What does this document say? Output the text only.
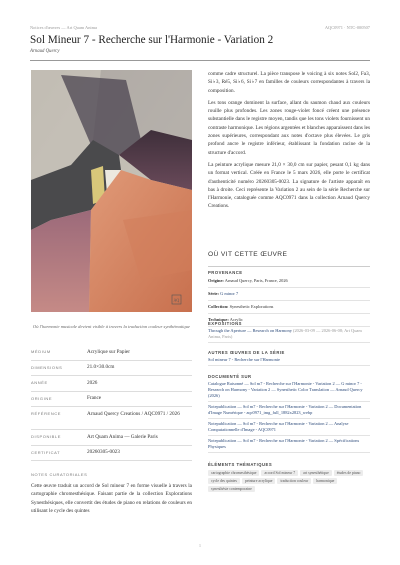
Notices d'œuvres — Art Quam Anima	AQC0971 · NTC-000507
Sol Mineur 7 - Recherche sur l'Harmonie - Variation 2
Arnaud Quercy
AQ
Où l'harmonie musicale devient visible à travers la traduction couleur synthématique
MÉDIUM	Acrylique sur Papier
DIMENSIONS	21.0×30.0cm
ANNÉE	2026
ORIGINE	France
RÉFÉRENCE	Arnaud Quercy Creations / AQC0971 / 2026
DISPONIBLE	Art Quam Anima — Galerie Paris
CERTIFICAT	20260305-0023
NOTES CURATORIALES
Cette œuvre traduit un accord de Sol mineur 7 en forme visuelle à travers la cartographie chromesthésique. Faisant partie de la collection Explorations Synesthésiques, elle convertit des études de piano en relations de couleurs en utilisant le cycle des quintes

comme cadre structurel. La pièce transpose le voicing à six notes Sol2, Fa3, Si♭3, Ré5, Si♭6, Si♭7 en familles de couleurs correspondantes à travers la composition.

Les tons orange dominent la surface, allant du saumon chaud aux couleurs rouille plus profondes. Les zones rouge-violet foncé créent une présence substantielle dans le registre moyen, tandis que les tons violets fournissent un contraste harmonique. Les régions argentées et blanches apparaissent dans les zones supérieures, correspondant aux notes d'octave plus élevées. Le gris profond ancre le registre inférieur, établissant la fondation racine de la structure d'accord.

La peinture acrylique mesure 21,0 × 30,0 cm sur papier, pesant 0,1 kg dans un format vertical. Créée en France le 5 mars 2026, elle porte le certificat d'authenticité numéro 20260305-0023. La signature de l'artiste apparaît en bas à droite. Ceci représente la Variation 2 au sein de la série Recherche sur l'Harmonie, cataloguée comme AQC0971 dans la collection Arnaud Quercy Creations.

OÙ VIT CETTE ŒUVRE
PROVENANCE
Origine: Arnaud Quercy, Paris, France, 2026
Série: G minor 7
Collection: Synesthetic Explorations
Technique: Acrylic
EXPOSITIONS
Through the Aperture — Research on Harmony (2026-03-09 — 2026-06-08; Art Quam Anima, Paris)
AUTRES ŒUVRES DE LA SÉRIE
Sol mineur 7 - Recherche sur l'Harmonie
DOCUMENTÉ SUR
Catalogue Raisonné — Sol m7 - Recherche sur l'Harmonie - Variation 2 — G minor 7 - Research on Harmony - Variation 2 — Synesthetic Color Translation — Arnaud Quercy (2026)
Notepublication — Sol m7 - Recherche sur l'Harmonie - Variation 2 — Documentation d'Image Numérique - aqc0971_img_full_1882x2823_webp
Notepublication — Sol m7 - Recherche sur l'Harmonie - Variation 2 — Analyse Computationnelle d'Image - AQC0971
Notepublication — Sol m7 - Recherche sur l'Harmonie - Variation 2 — Spécifications Physiques
ÉLÉMENTS THÉMATIQUES
cartographie chromesthésique	accord Sol mineur 7	art synesthétique	études de piano
cycle des quintes	peinture acrylique	traduction couleur	harmonique
synesthésie contemporaine
1
